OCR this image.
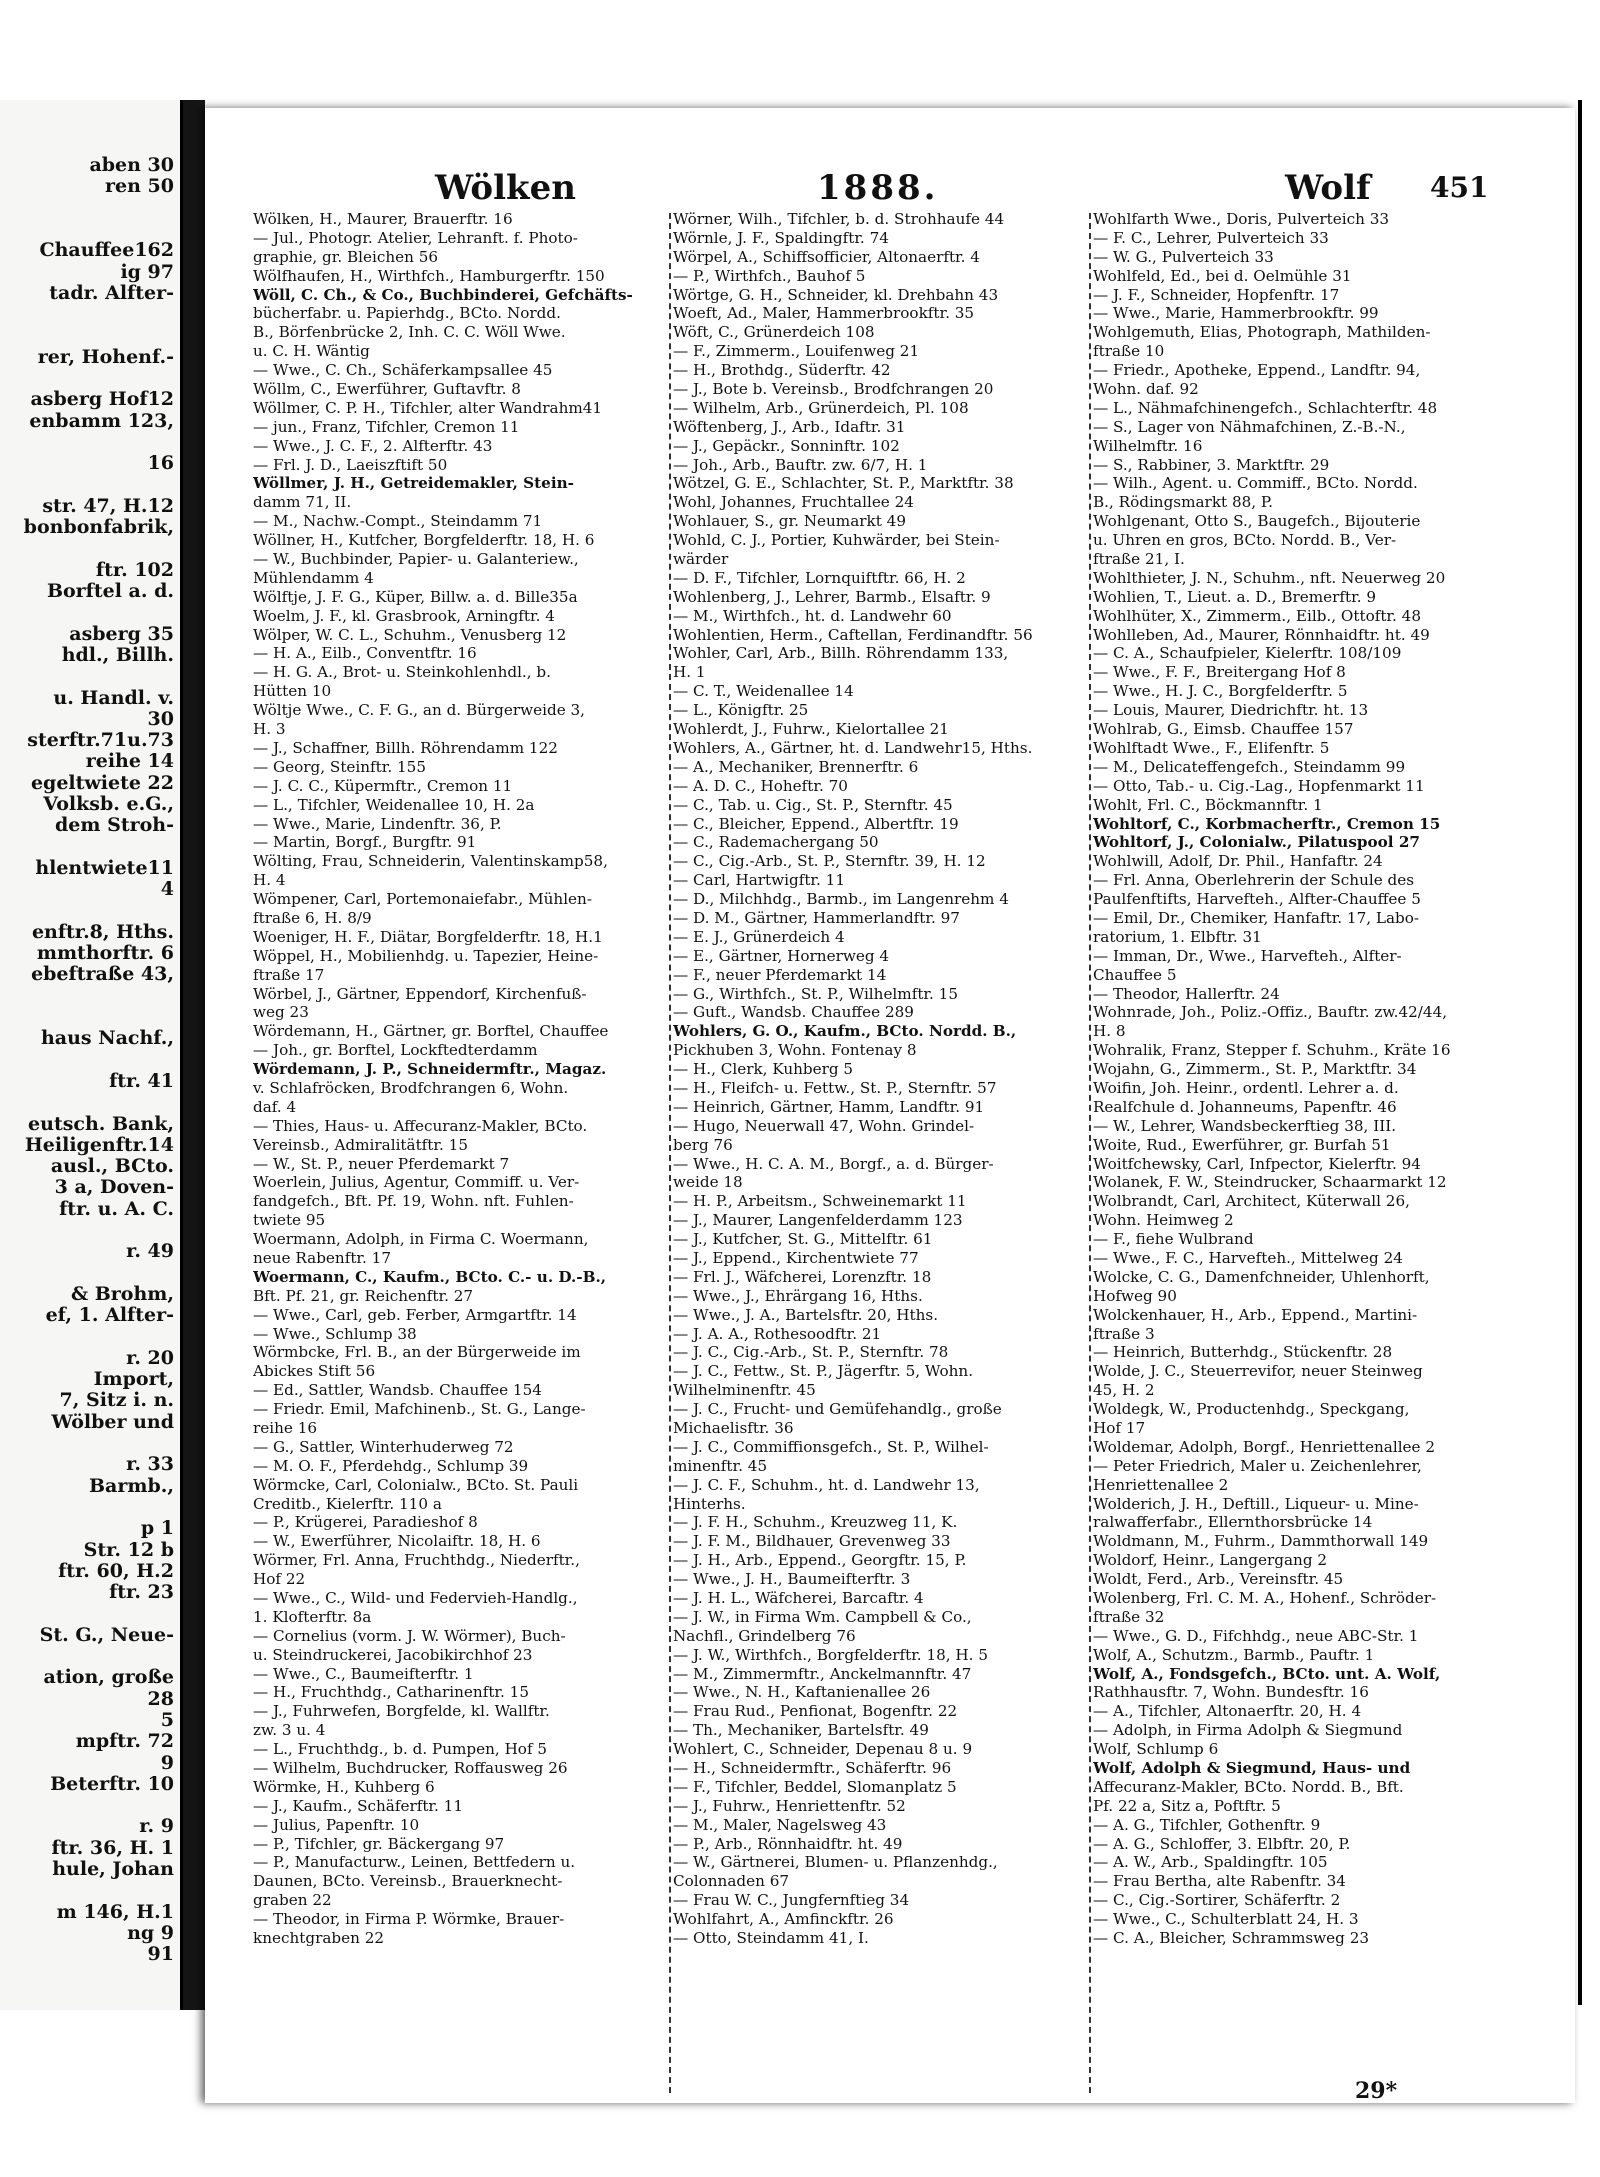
aben 30
ren 50
Chauffee162
ig 97
tadr. Alfter-
rer, Hohenf.-
asberg Hof12
enbamm 123,
16
str. 47, H.12
bonbonfabrik,
ftr. 102
Borftel a. d.
asberg 35
hdl., Billh.
u. Handl. v.
30
sterftr.71u.73
reihe 14
egeltwiete 22
Volksb. e.G.,
dem Stroh-
hlentwiete11
4
enftr.8, Hths.
mmthorftr. 6
ebeftraße 43,
haus Nachf.,
ftr. 41
eutsch. Bank,
Heiligenftr.14
ausl., BCto.
3 a, Doven-
ftr. u. A. C.
r. 49
& Brohm,
ef, 1. Alfter-
r. 20
Import,
7, Sitz i. n.
Wölber und
r. 33
Barmb.,
p 1
Str. 12 b
ftr. 60, H.2
ftr. 23
St. G., Neue-
ation, große
28
5
mpftr. 72
9
Beterftr. 10
r. 9
ftr. 36, H. 1
hule, Johan
m 146, H.1
ng 9
91
Wölken	1888.	Wolf 451
Wölken, H., Maurer, Brauerftr. 16
— Jul., Photogr. Atelier, Lehranft. f. Photo-
graphie, gr. Bleichen 56
Wölfhaufen, H., Wirthfch., Hamburgerftr. 150
Wöll, C. Ch., & Co., Buchbinderei, Gefchäfts-
bücherfabr. u. Papierhdg., BCto. Nordd.
B., Börfenbrücke 2, Inh. C. C. Wöll Wwe.
u. C. H. Wäntig
— Wwe., C. Ch., Schäferkampsallee 45
Wöllm, C., Ewerführer, Guftavftr. 8
Wöllmer, C. P. H., Tifchler, alter Wandrahm41
— jun., Franz, Tifchler, Cremon 11
— Wwe., J. C. F., 2. Alfterftr. 43
— Frl. J. D., Laeiszftift 50
Wöllmer, J. H., Getreidemakler, Stein-
damm 71, II.
— M., Nachw.-Compt., Steindamm 71
Wöllner, H., Kutfcher, Borgfelderftr. 18, H. 6
— W., Buchbinder, Papier- u. Galanteriew.,
Mühlendamm 4
Wölftje, J. F. G., Küper, Billw. a. d. Bille35a
Woelm, J. F., kl. Grasbrook, Arningftr. 4
Wölper, W. C. L., Schuhm., Venusberg 12
— H. A., Eilb., Conventftr. 16
— H. G. A., Brot- u. Steinkohlenhdl., b.
Hütten 10
Wöltje Wwe., C. F. G., an d. Bürgerweide 3,
H. 3
— J., Schaffner, Billh. Röhrendamm 122
— Georg, Steinftr. 155
— J. C. C., Küpermftr., Cremon 11
— L., Tifchler, Weidenallee 10, H. 2a
— Wwe., Marie, Lindenftr. 36, P.
— Martin, Borgf., Burgftr. 91
Wölting, Frau, Schneiderin, Valentinskamp58,
H. 4
Wömpener, Carl, Portemonaiefabr., Mühlen-
ftraße 6, H. 8/9
Woeniger, H. F., Diätar, Borgfelderftr. 18, H.1
Wöppel, H., Mobilienhdg. u. Tapezier, Heine-
ftraße 17
Wörbel, J., Gärtner, Eppendorf, Kirchenfuß-
weg 23
Wördemann, H., Gärtner, gr. Borftel, Chauffee
— Joh., gr. Borftel, Lockftedterdamm
Wördemann, J. P., Schneidermftr., Magaz.
v. Schlafröcken, Brodfchrangen 6, Wohn.
daf. 4
— Thies, Haus- u. Affecuranz-Makler, BCto.
Vereinsb., Admiralitätftr. 15
— W., St. P., neuer Pferdemarkt 7
Woerlein, Julius, Agentur, Commiff. u. Ver-
fandgefch., Bft. Pf. 19, Wohn. nft. Fuhlen-
twiete 95
Woermann, Adolph, in Firma C. Woermann,
neue Rabenftr. 17
Woermann, C., Kaufm., BCto. C.- u. D.-B.,
Bft. Pf. 21, gr. Reichenftr. 27
— Wwe., Carl, geb. Ferber, Armgartftr. 14
— Wwe., Schlump 38
Wörmbcke, Frl. B., an der Bürgerweide im
Abickes Stift 56
— Ed., Sattler, Wandsb. Chauffee 154
— Friedr. Emil, Mafchinenb., St. G., Lange-
reihe 16
— G., Sattler, Winterhuderweg 72
— M. O. F., Pferdehdg., Schlump 39
Wörmcke, Carl, Colonialw., BCto. St. Pauli
Creditb., Kielerftr. 110 a
— P., Krügerei, Paradieshof 8
— W., Ewerführer, Nicolaiftr. 18, H. 6
Wörmer, Frl. Anna, Fruchthdg., Niederftr.,
Hof 22
— Wwe., C., Wild- und Federvieh-Handlg.,
1. Klofterftr. 8a
— Cornelius (vorm. J. W. Wörmer), Buch-
u. Steindruckerei, Jacobikirchhof 23
— Wwe., C., Baumeifterftr. 1
— H., Fruchthdg., Catharinenftr. 15
— J., Fuhrwefen, Borgfelde, kl. Wallftr.
zw. 3 u. 4
— L., Fruchthdg., b. d. Pumpen, Hof 5
— Wilhelm, Buchdrucker, Roffausweg 26
Wörmke, H., Kuhberg 6
— J., Kaufm., Schäferftr. 11
— Julius, Papenftr. 10
— P., Tifchler, gr. Bäckergang 97
— P., Manufacturw., Leinen, Bettfedern u.
Daunen, BCto. Vereinsb., Brauerknecht-
graben 22
— Theodor, in Firma P. Wörmke, Brauer-
knechtgraben 22
Wörner, Wilh., Tifchler, b. d. Strohhaufe 44
Wörnle, J. F., Spaldingftr. 74
Wörpel, A., Schiffsofficier, Altonaerftr. 4
— P., Wirthfch., Bauhof 5
Wörtge, G. H., Schneider, kl. Drehbahn 43
Woeft, Ad., Maler, Hammerbrookftr. 35
Wöft, C., Grünerdeich 108
— F., Zimmerm., Louifenweg 21
— H., Brothdg., Süderftr. 42
— J., Bote b. Vereinsb., Brodfchrangen 20
— Wilhelm, Arb., Grünerdeich, Pl. 108
Wöftenberg, J., Arb., Idaftr. 31
— J., Gepäckr., Sonninftr. 102
— Joh., Arb., Bauftr. zw. 6/7, H. 1
Wötzel, G. E., Schlachter, St. P., Marktftr. 38
Wohl, Johannes, Fruchtallee 24
Wohlauer, S., gr. Neumarkt 49
Wohld, C. J., Portier, Kuhwärder, bei Stein-
wärder
— D. F., Tifchler, Lornquiftftr. 66, H. 2
Wohlenberg, J., Lehrer, Barmb., Elsaftr. 9
— M., Wirthfch., ht. d. Landwehr 60
Wohlentien, Herm., Caftellan, Ferdinandftr. 56
Wohler, Carl, Arb., Billh. Röhrendamm 133,
H. 1
— C. T., Weidenallee 14
— L., Königftr. 25
Wohlerdt, J., Fuhrw., Kielortallee 21
Wohlers, A., Gärtner, ht. d. Landwehr15, Hths.
— A., Mechaniker, Brennerftr. 6
— A. D. C., Hoheftr. 70
— C., Tab. u. Cig., St. P., Sternftr. 45
— C., Bleicher, Eppend., Albertftr. 19
— C., Rademachergang 50
— C., Cig.-Arb., St. P., Sternftr. 39, H. 12
— Carl, Hartwigftr. 11
— D., Milchhdg., Barmb., im Langenrehm 4
— D. M., Gärtner, Hammerlandftr. 97
— E. J., Grünerdeich 4
— E., Gärtner, Hornerweg 4
— F., neuer Pferdemarkt 14
— G., Wirthfch., St. P., Wilhelmftr. 15
— Guft., Wandsb. Chauffee 289
Wohlers, G. O., Kaufm., BCto. Nordd. B.,
Pickhuben 3, Wohn. Fontenay 8
— H., Clerk, Kuhberg 5
— H., Fleifch- u. Fettw., St. P., Sternftr. 57
— Heinrich, Gärtner, Hamm, Landftr. 91
— Hugo, Neuerwall 47, Wohn. Grindel-
berg 76
— Wwe., H. C. A. M., Borgf., a. d. Bürger-
weide 18
— H. P., Arbeitsm., Schweinemarkt 11
— J., Maurer, Langenfelderdamm 123
— J., Kutfcher, St. G., Mittelftr. 61
— J., Eppend., Kirchentwiete 77
— Frl. J., Wäfcherei, Lorenzftr. 18
— Wwe., J., Ehrärgang 16, Hths.
— Wwe., J. A., Bartelsftr. 20, Hths.
— J. A. A., Rothesoodftr. 21
— J. C., Cig.-Arb., St. P., Sternftr. 78
— J. C., Fettw., St. P., Jägerftr. 5, Wohn.
Wilhelminenftr. 45
— J. C., Frucht- und Gemüfehandlg., große
Michaelisftr. 36
— J. C., Commiffionsgefch., St. P., Wilhel-
minenftr. 45
— J. C. F., Schuhm., ht. d. Landwehr 13,
Hinterhs.
— J. F. H., Schuhm., Kreuzweg 11, K.
— J. F. M., Bildhauer, Grevenweg 33
— J. H., Arb., Eppend., Georgftr. 15, P.
— Wwe., J. H., Baumeifterftr. 3
— J. H. L., Wäfcherei, Barcaftr. 4
— J. W., in Firma Wm. Campbell & Co.,
Nachfl., Grindelberg 76
— J. W., Wirthfch., Borgfelderftr. 18, H. 5
— M., Zimmermftr., Anckelmannftr. 47
— Wwe., N. H., Kaftanienallee 26
— Frau Rud., Penfionat, Bogenftr. 22
— Th., Mechaniker, Bartelsftr. 49
Wohlert, C., Schneider, Depenau 8 u. 9
— H., Schneidermftr., Schäferftr. 96
— F., Tifchler, Beddel, Slomanplatz 5
— J., Fuhrw., Henriettenftr. 52
— M., Maler, Nagelsweg 43
— P., Arb., Rönnhaidftr. ht. 49
— W., Gärtnerei, Blumen- u. Pflanzenhdg.,
Colonnaden 67
— Frau W. C., Jungfernftieg 34
Wohlfahrt, A., Amfinckftr. 26
— Otto, Steindamm 41, I.
Wohlfarth Wwe., Doris, Pulverteich 33
— F. C., Lehrer, Pulverteich 33
— W. G., Pulverteich 33
Wohlfeld, Ed., bei d. Oelmühle 31
— J. F., Schneider, Hopfenftr. 17
— Wwe., Marie, Hammerbrookftr. 99
Wohlgemuth, Elias, Photograph, Mathilden-
ftraße 10
— Friedr., Apotheke, Eppend., Landftr. 94,
Wohn. daf. 92
— L., Nähmafchinengefch., Schlachterftr. 48
— S., Lager von Nähmafchinen, Z.-B.-N.,
Wilhelmftr. 16
— S., Rabbiner, 3. Marktftr. 29
— Wilh., Agent. u. Commiff., BCto. Nordd.
B., Rödingsmarkt 88, P.
Wohlgenant, Otto S., Baugefch., Bijouterie
u. Uhren en gros, BCto. Nordd. B., Ver-
ftraße 21, I.
Wohlthieter, J. N., Schuhm., nft. Neuerweg 20
Wohlien, T., Lieut. a. D., Bremerftr. 9
Wohlhüter, X., Zimmerm., Eilb., Ottoftr. 48
Wohlleben, Ad., Maurer, Rönnhaidftr. ht. 49
— C. A., Schaufpieler, Kielerftr. 108/109
— Wwe., F. F., Breitergang Hof 8
— Wwe., H. J. C., Borgfelderftr. 5
— Louis, Maurer, Diedrichftr. ht. 13
Wohlrab, G., Eimsb. Chauffee 157
Wohlftadt Wwe., F., Elifenftr. 5
— M., Delicateffengefch., Steindamm 99
— Otto, Tab.- u. Cig.-Lag., Hopfenmarkt 11
Wohlt, Frl. C., Böckmannftr. 1
Wohltorf, C., Korbmacherftr., Cremon 15
Wohltorf, J., Colonialw., Pilatuspool 27
Wohlwill, Adolf, Dr. Phil., Hanfaftr. 24
— Frl. Anna, Oberlehrerin der Schule des
Paulfenftifts, Harvefteh., Alfter-Chauffee 5
— Emil, Dr., Chemiker, Hanfaftr. 17, Labo-
ratorium, 1. Elbftr. 31
— Imman, Dr., Wwe., Harvefteh., Alfter-
Chauffee 5
— Theodor, Hallerftr. 24
Wohnrade, Joh., Poliz.-Offiz., Bauftr. zw.42/44,
H. 8
Wohralik, Franz, Stepper f. Schuhm., Kräte 16
Wojahn, G., Zimmerm., St. P., Marktftr. 34
Woifin, Joh. Heinr., ordentl. Lehrer a. d.
Realfchule d. Johanneums, Papenftr. 46
— W., Lehrer, Wandsbeckerftieg 38, III.
Woite, Rud., Ewerführer, gr. Burfah 51
Woitfchewsky, Carl, Infpector, Kielerftr. 94
Wolanek, F. W., Steindrucker, Schaarmarkt 12
Wolbrandt, Carl, Architect, Küterwall 26,
Wohn. Heimweg 2
— F., fiehe Wulbrand
— Wwe., F. C., Harvefteh., Mittelweg 24
Wolcke, C. G., Damenfchneider, Uhlenhorft,
Hofweg 90
Wolckenhauer, H., Arb., Eppend., Martini-
ftraße 3
— Heinrich, Butterhdg., Stückenftr. 28
Wolde, J. C., Steuerrevifor, neuer Steinweg
45, H. 2
Woldegk, W., Productenhdg., Speckgang,
Hof 17
Woldemar, Adolph, Borgf., Henriettenallee 2
— Peter Friedrich, Maler u. Zeichenlehrer,
Henriettenallee 2
Wolderich, J. H., Deftill., Liqueur- u. Mine-
ralwafferfabr., Ellernthorsbrücke 14
Woldmann, M., Fuhrm., Dammthorwall 149
Woldorf, Heinr., Langergang 2
Woldt, Ferd., Arb., Vereinsftr. 45
Wolenberg, Frl. C. M. A., Hohenf., Schröder-
ftraße 32
— Wwe., G. D., Fifchhdg., neue ABC-Str. 1
Wolf, A., Schutzm., Barmb., Pauftr. 1
Wolf, A., Fondsgefch., BCto. unt. A. Wolf,
Rathhausftr. 7, Wohn. Bundesftr. 16
— A., Tifchler, Altonaerftr. 20, H. 4
— Adolph, in Firma Adolph & Siegmund
Wolf, Schlump 6
Wolf, Adolph & Siegmund, Haus- und
Affecuranz-Makler, BCto. Nordd. B., Bft.
Pf. 22 a, Sitz a, Poftftr. 5
— A. G., Tifchler, Gothenftr. 9
— A. G., Schloffer, 3. Elbftr. 20, P.
— A. W., Arb., Spaldingftr. 105
— Frau Bertha, alte Rabenftr. 34
— C., Cig.-Sortirer, Schäferftr. 2
— Wwe., C., Schulterblatt 24, H. 3
— C. A., Bleicher, Schrammsweg 23
29*
